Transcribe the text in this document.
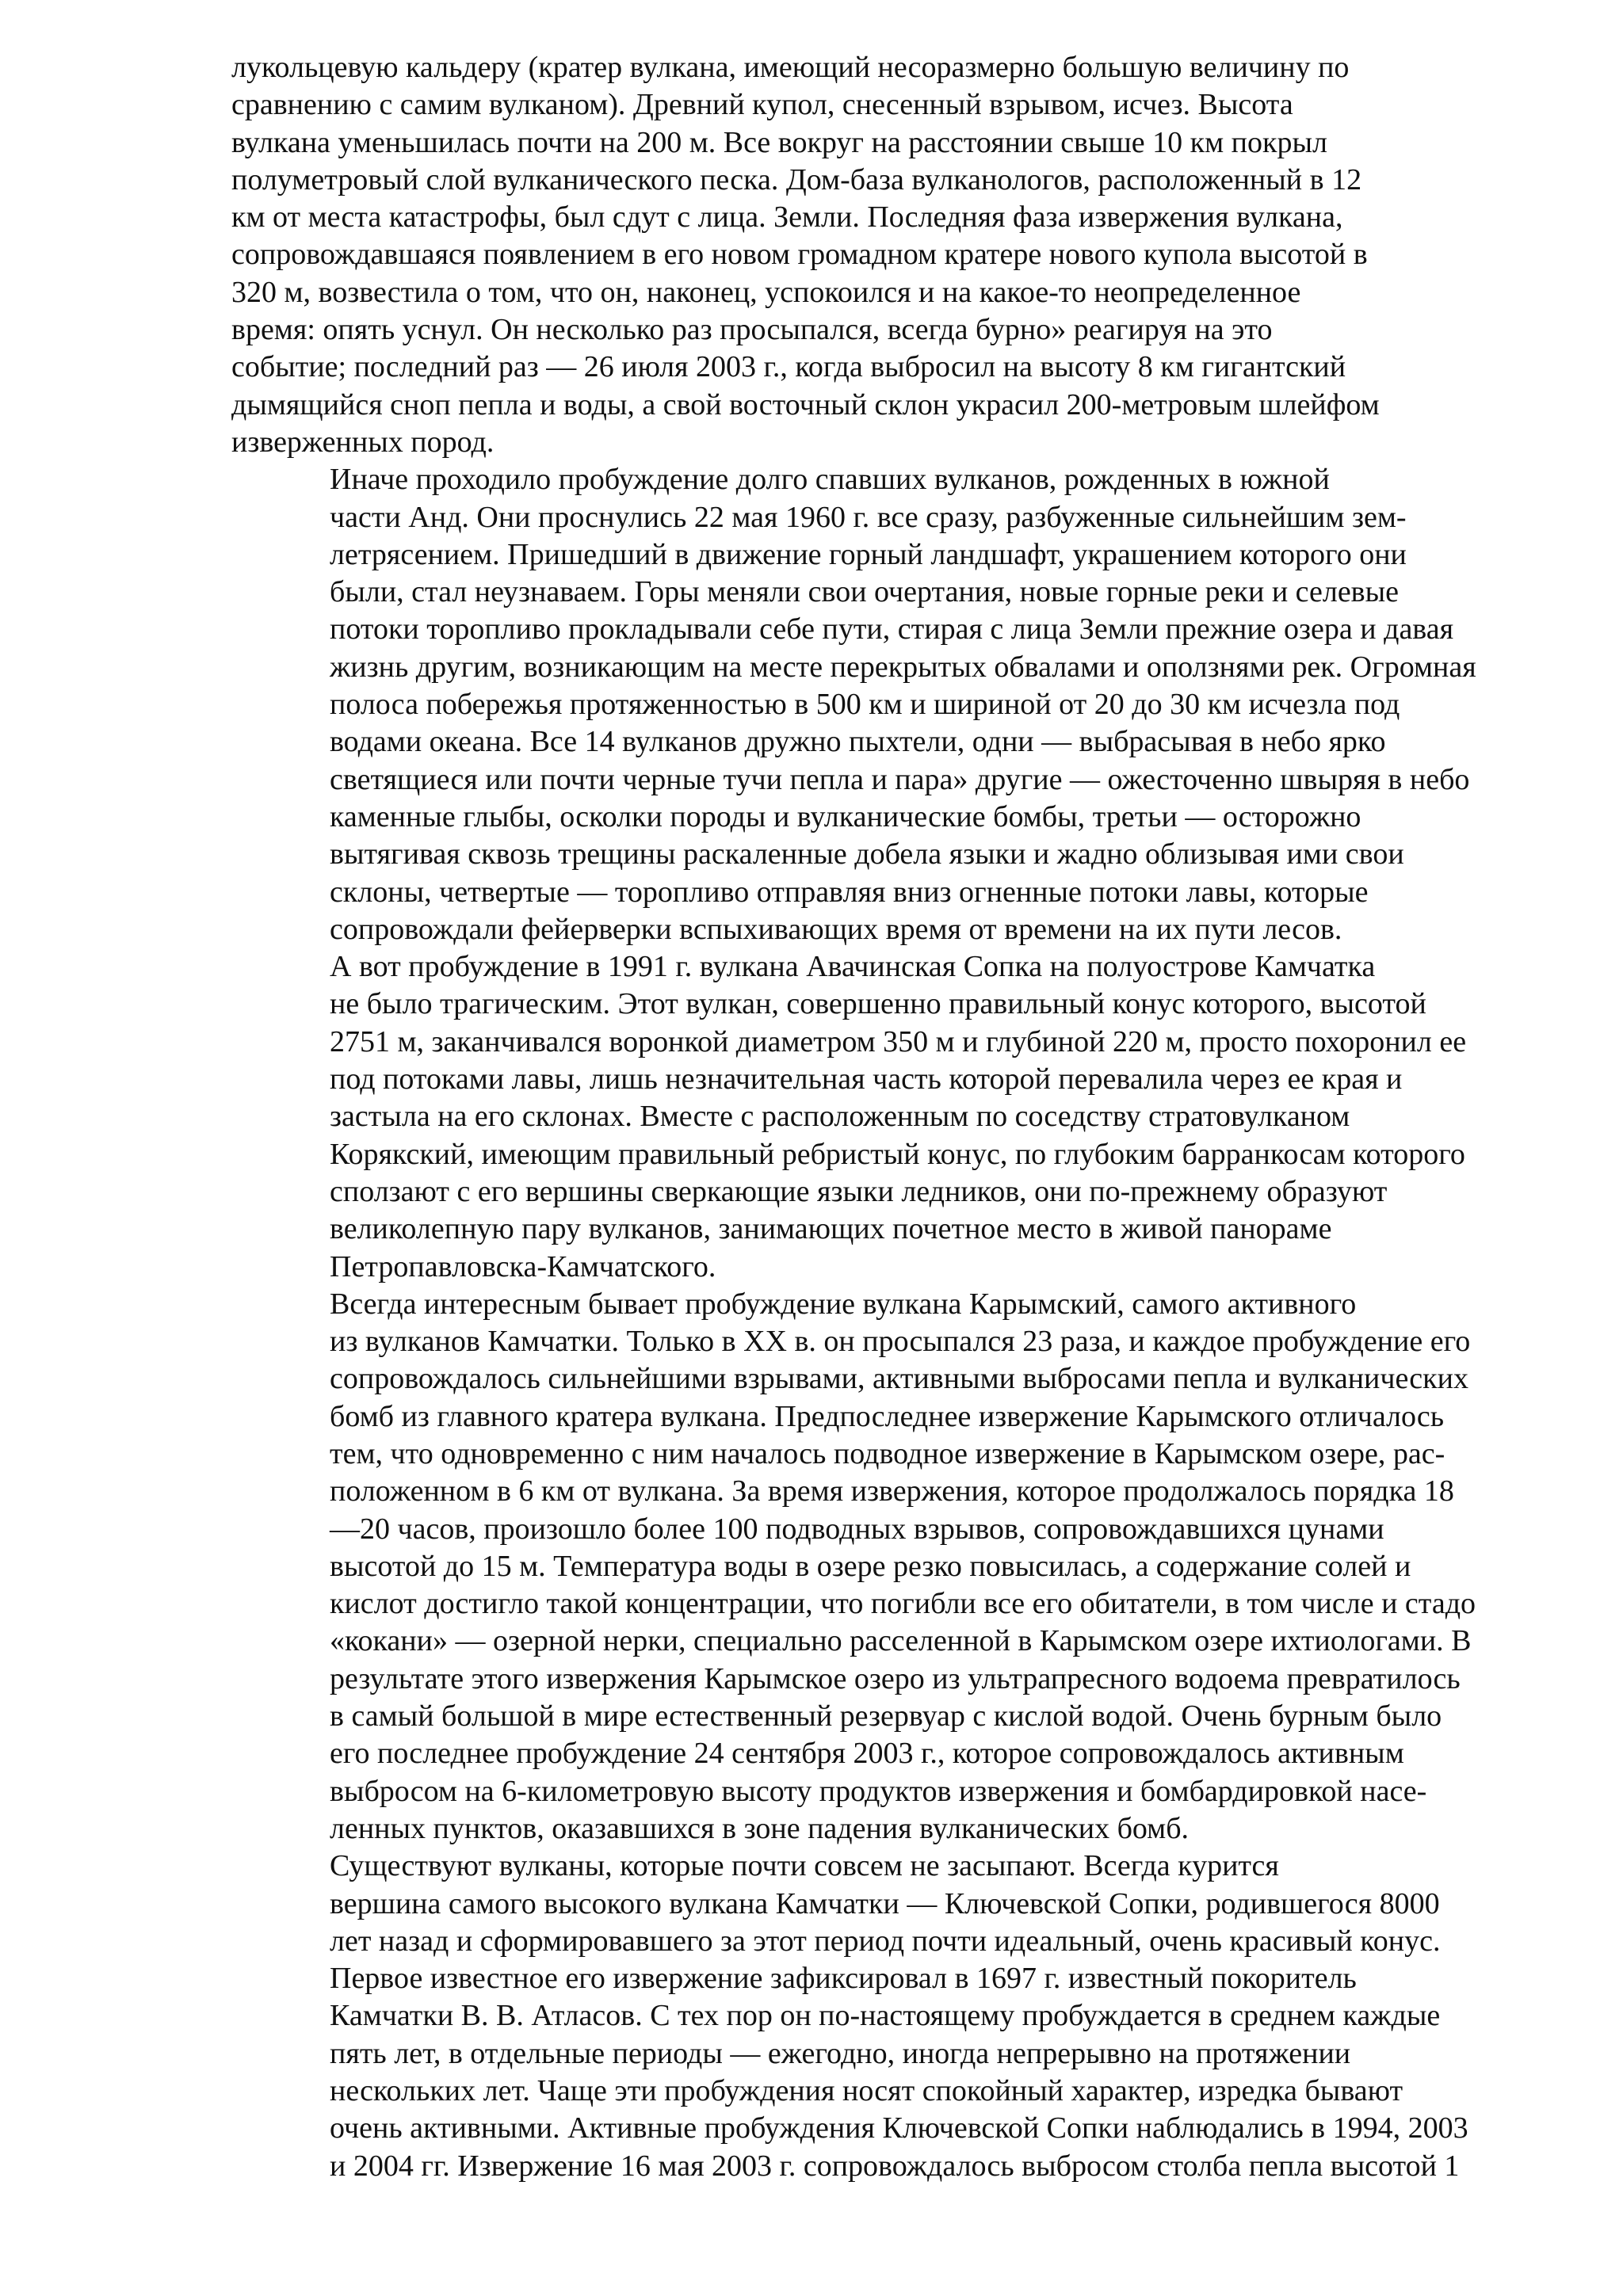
лукольцевую кальдеру (кратер вулкана, имеющий несоразмерно большую величину по
сравнению с самим вулканом). Древний купол, снесенный взрывом, исчез. Высота
вулкана уменьшилась почти на 200 м. Все вокруг на расстоянии свыше 10 км покрыл
полуметровый слой вулканического песка. Дом-база вулканологов, расположенный в 12
км от места катастрофы, был сдут с лица. Земли. Последняя фаза извержения вулкана,
сопровождавшаяся появлением в его новом громадном кратере нового купола высотой в
320 м, возвестила о том, что он, наконец, успокоился и на какое-то неопределенное
время: опять уснул. Он несколько раз просыпался, всегда бурно» реагируя на это
событие; последний раз — 26 июля 2003 г., когда выбросил на высоту 8 км гигантский
дымящийся сноп пепла и воды, а свой восточный склон украсил 200-метровым шлейфом
изверженных пород.
Иначе проходило пробуждение долго спавших вулканов, рожденных в южной
части Анд. Они проснулись 22 мая 1960 г. все сразу, разбуженные сильнейшим зем-
летрясением. Пришедший в движение горный ландшафт, украшением которого они
были, стал неузнаваем. Горы меняли свои очертания, новые горные реки и селевые
потоки торопливо прокладывали себе пути, стирая с лица Земли прежние озера и давая
жизнь другим, возникающим на месте перекрытых обвалами и оползнями рек. Огромная
полоса побережья протяженностью в 500 км и шириной от 20 до 30 км исчезла под
водами океана. Все 14 вулканов дружно пыхтели, одни — выбрасывая в небо ярко
светящиеся или почти черные тучи пепла и пара» другие — ожесточенно швыряя в небо
каменные глыбы, осколки породы и вулканические бомбы, третьи — осторожно
вытягивая сквозь трещины раскаленные добела языки и жадно облизывая ими свои
склоны, четвертые — торопливо отправляя вниз огненные потоки лавы, которые
сопровождали фейерверки вспыхивающих время от времени на их пути лесов.
А вот пробуждение в 1991 г. вулкана Авачинская Сопка на полуострове Камчатка
не было трагическим. Этот вулкан, совершенно правильный конус которого, высотой
2751 м, заканчивался воронкой диаметром 350 м и глубиной 220 м, просто похоронил ее
под потоками лавы, лишь незначительная часть которой перевалила через ее края и
застыла на его склонах. Вместе с расположенным по соседству стратовулканом
Корякский, имеющим правильный ребристый конус, по глубоким барранкосам которого
сползают с его вершины сверкающие языки ледников, они по-прежнему образуют
великолепную пару вулканов, занимающих почетное место в живой панораме
Петропавловска-Камчатского.
Всегда интересным бывает пробуждение вулкана Карымский, самого активного
из вулканов Камчатки. Только в XX в. он просыпался 23 раза, и каждое пробуждение его
сопровождалось сильнейшими взрывами, активными выбросами пепла и вулканических
бомб из главного кратера вулкана. Предпоследнее извержение Карымского отличалось
тем, что одновременно с ним началось подводное извержение в Карымском озере, рас-
положенном в 6 км от вулкана. За время извержения, которое продолжалось порядка 18
—20 часов, произошло более 100 подводных взрывов, сопровождавшихся цунами
высотой до 15 м. Температура воды в озере резко повысилась, а содержание солей и
кислот достигло такой концентрации, что погибли все его обитатели, в том числе и стадо
«кокани» — озерной нерки, специально расселенной в Карымском озере ихтиологами. В
результате этого извержения Карымское озеро из ультрапресного водоема превратилось
в самый большой в мире естественный резервуар с кислой водой. Очень бурным было
его последнее пробуждение 24 сентября 2003 г., которое сопровождалось активным
выбросом на 6-километровую высоту продуктов извержения и бомбардировкой насе-
ленных пунктов, оказавшихся в зоне падения вулканических бомб.
Существуют вулканы, которые почти совсем не засыпают. Всегда курится
вершина самого высокого вулкана Камчатки — Ключевской Сопки, родившегося 8000
лет назад и сформировавшего за этот период почти идеальный, очень красивый конус.
Первое известное его извержение зафиксировал в 1697 г. известный покоритель
Камчатки В. В. Атласов. С тех пор он по-настоящему пробуждается в среднем каждые
пять лет, в отдельные периоды — ежегодно, иногда непрерывно на протяжении
нескольких лет. Чаще эти пробуждения носят спокойный характер, изредка бывают
очень активными. Активные пробуждения Ключевской Сопки наблюдались в 1994, 2003
и 2004 гг. Извержение 16 мая 2003 г. сопровождалось выбросом столба пепла высотой 1
